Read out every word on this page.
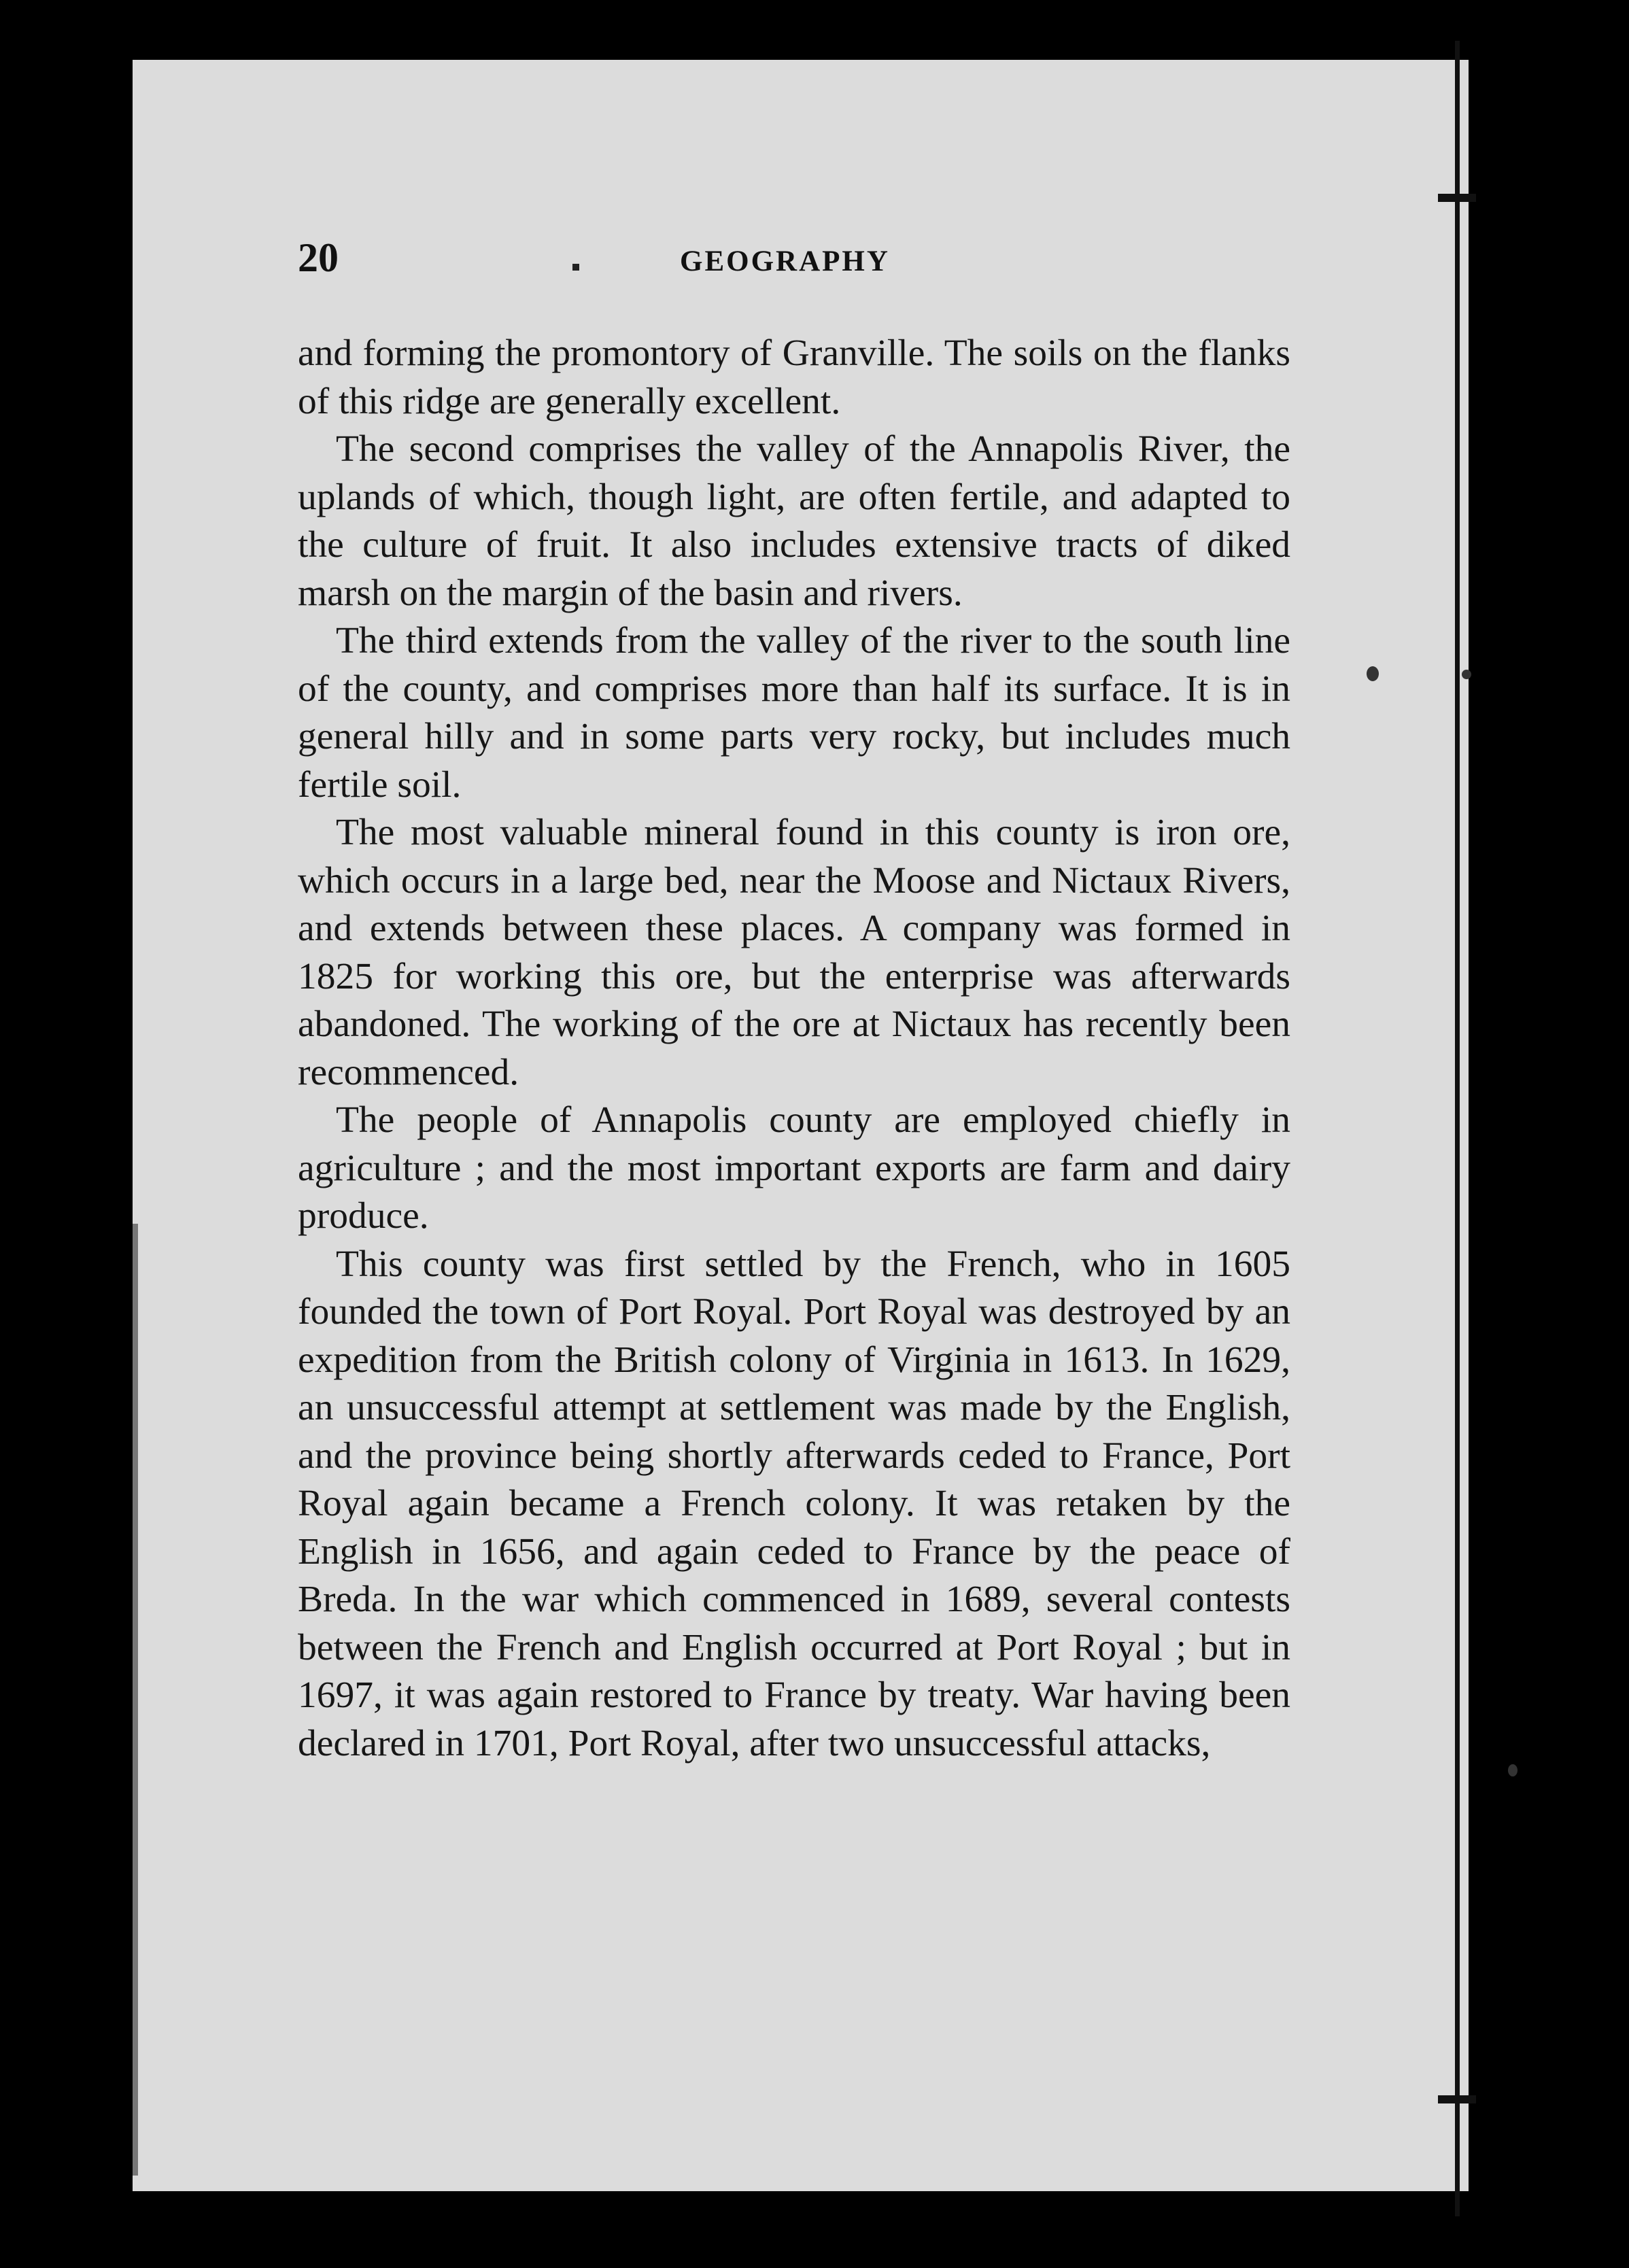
20	GEOGRAPHY

and forming the promontory of Granville. The soils on the flanks of this ridge are generally excellent.

The second comprises the valley of the Annapolis River, the uplands of which, though light, are often fertile, and adapted to the culture of fruit. It also includes extensive tracts of diked marsh on the margin of the basin and rivers.

The third extends from the valley of the river to the south line of the county, and comprises more than half its surface. It is in general hilly and in some parts very rocky, but includes much fertile soil.

The most valuable mineral found in this county is iron ore, which occurs in a large bed, near the Moose and Nictaux Rivers, and extends between these places. A company was formed in 1825 for working this ore, but the enterprise was afterwards abandoned. The working of the ore at Nictaux has recently been recommenced.

The people of Annapolis county are employed chiefly in agriculture ; and the most important exports are farm and dairy produce.

This county was first settled by the French, who in 1605 founded the town of Port Royal. Port Royal was destroyed by an expedition from the British colony of Virginia in 1613. In 1629, an unsuccessful attempt at settlement was made by the English, and the province being shortly afterwards ceded to France, Port Royal again became a French colony. It was retaken by the English in 1656, and again ceded to France by the peace of Breda. In the war which commenced in 1689, several contests between the French and English occurred at Port Royal ; but in 1697, it was again restored to France by treaty. War having been declared in 1701, Port Royal, after two unsuccessful attacks,
